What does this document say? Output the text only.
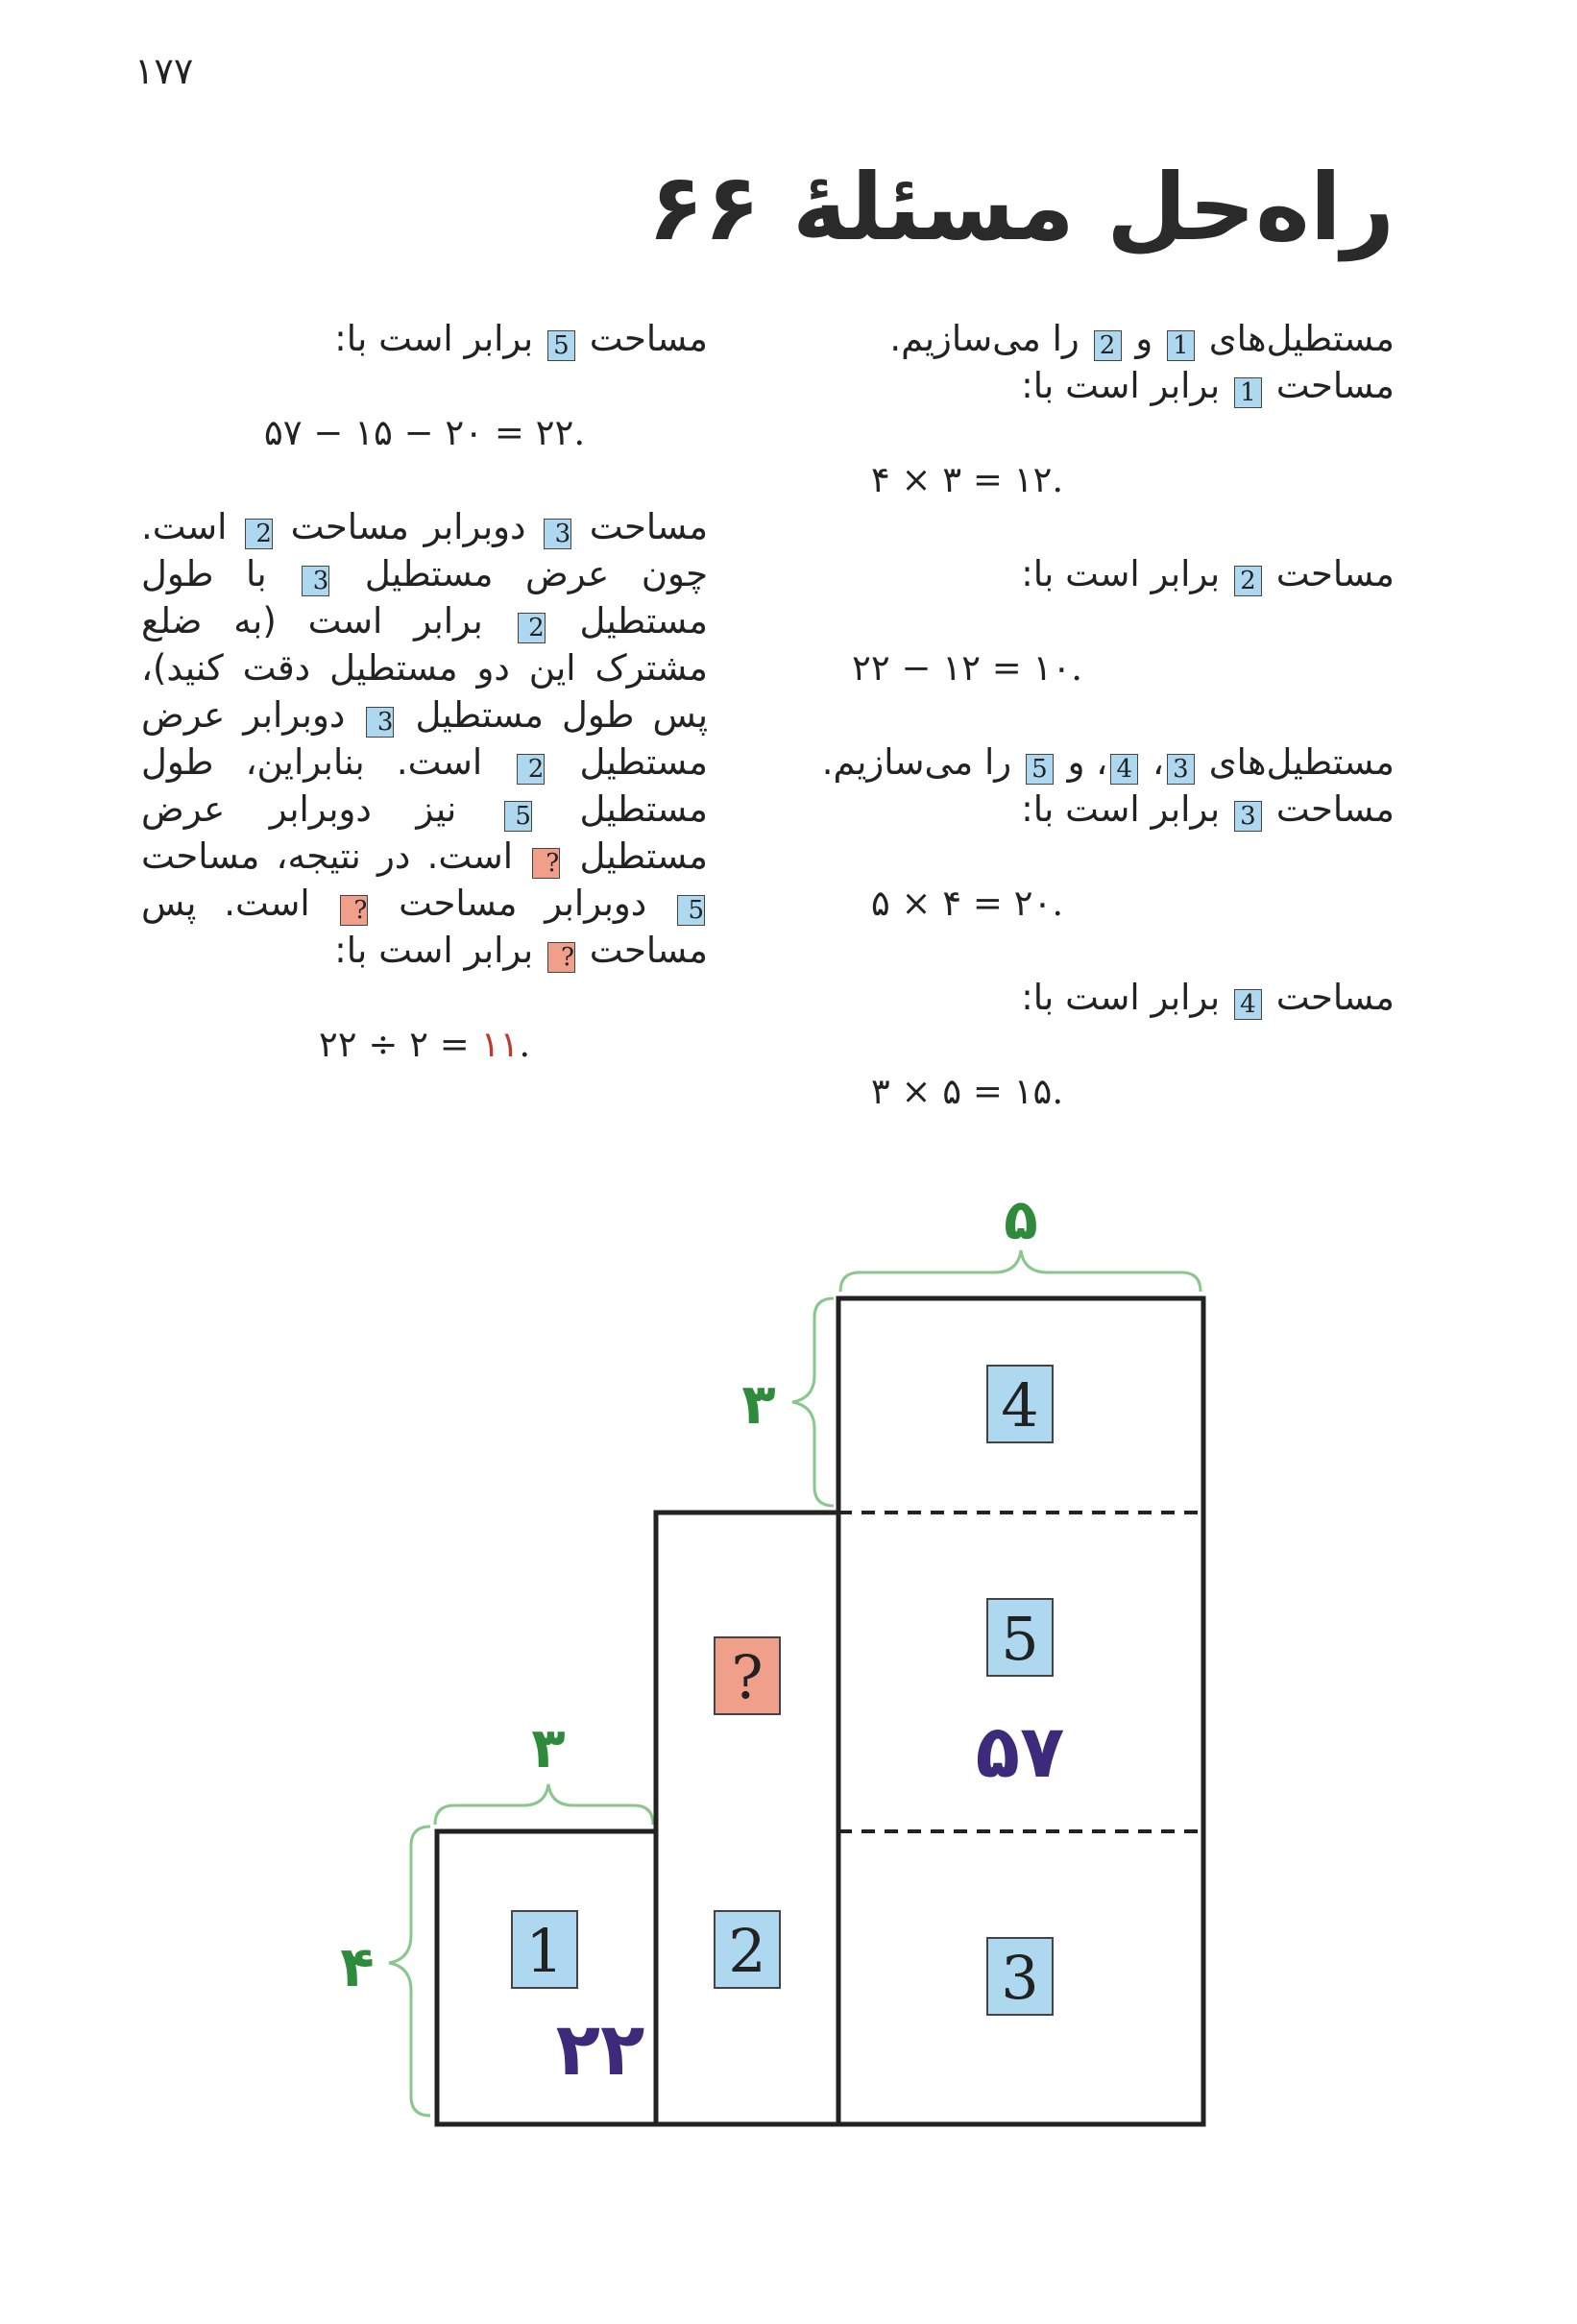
۱۷۷
راه‌حل مسئلهٔ ۶۶
مستطیل‌های 1 و 2 را می‌سازیم.
مساحت 1 برابر است با:
۴ × ۳ = ۱۲.
مساحت 2 برابر است با:
۲۲ − ۱۲ = ۱۰.
مستطیل‌های 3، 4، و 5 را می‌سازیم.
مساحت 3 برابر است با:
۵ × ۴ = ۲۰.
مساحت 4 برابر است با:
۳ × ۵ = ۱۵.
مساحت 5 برابر است با:
۵۷ − ۱۵ − ۲۰ = ۲۲.
مساحت 3 دوبرابر مساحت 2 است. چون عرض مستطیل 3 با طول مستطیل 2 برابر است (به ضلع مشترک این دو مستطیل دقت کنید)، پس طول مستطیل 3 دوبرابر عرض مستطیل 2 است. بنابراین، طول مستطیل 5 نیز دوبرابر عرض مستطیل ? است. در نتیجه، مساحت 5 دوبرابر مساحت ? است. پس مساحت ? برابر است با:
۲۲ ÷ ۲ = ۱۱.
۵
۳
۳
۴
4
5
3
?
2
1
۵۷
۲۲
